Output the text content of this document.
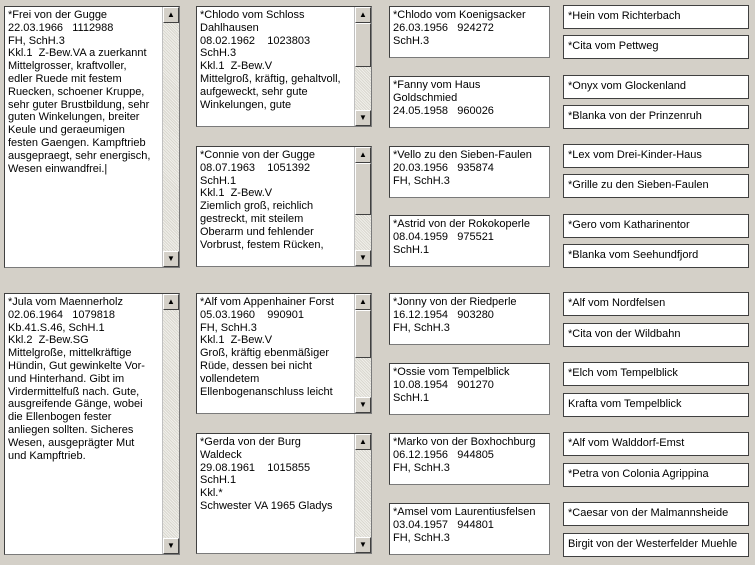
*Frei von der Gugge
22.03.1966   1112988
FH, SchH.3
Kkl.1  Z-Bew.VA a zuerkannt
Mittelgrosser, kraftvoller,
edler Ruede mit festem
Ruecken, schoener Kruppe,
sehr guter Brustbildung, sehr
guten Winkelungen, breiter
Keule und geraeumigen
festen Gaengen. Kampftrieb
ausgepraegt, sehr energisch,
Wesen einwandfrei.|
▲
▼
*Jula vom Maennerholz
02.06.1964   1079818
Kb.41.S.46, SchH.1
Kkl.2  Z-Bew.SG
Mittelgroße, mittelkräftige
Hündin, Gut gewinkelte Vor-
und Hinterhand. Gibt im
Virdermittelfuß nach. Gute,
ausgreifende Gänge, wobei
die Ellenbogen fester
anliegen sollten. Sicheres
Wesen, ausgeprägter Mut
und Kampftrieb.
▲
▼
*Chlodo vom Schloss
Dahlhausen
08.02.1962    1023803
SchH.3
Kkl.1  Z-Bew.V
Mittelgroß, kräftig, gehaltvoll,
aufgeweckt, sehr gute
Winkelungen, gute
▲
▼
*Connie von der Gugge
08.07.1963    1051392
SchH.1
Kkl.1  Z-Bew.V
Ziemlich groß, reichlich
gestreckt, mit steilem
Oberarm und fehlender
Vorbrust, festem Rücken,
▲
▼
*Alf vom Appenhainer Forst
05.03.1960    990901
FH, SchH.3
Kkl.1  Z-Bew.V
Groß, kräftig ebenmäßiger
Rüde, dessen bei nicht
vollendetem
Ellenbogenanschluss leicht
▲
▼
*Gerda von der Burg
Waldeck
29.08.1961    1015855
SchH.1
Kkl.*
Schwester VA 1965 Gladys
▲
▼
*Chlodo vom Koenigsacker
26.03.1956   924272
SchH.3
*Fanny vom Haus
Goldschmied
24.05.1958   960026
*Vello zu den Sieben-Faulen
20.03.1956   935874
FH, SchH.3
*Astrid von der Rokokoperle
08.04.1959   975521
SchH.1
*Jonny von der Riedperle
16.12.1954   903280
FH, SchH.3
*Ossie vom Tempelblick
10.08.1954   901270
SchH.1
*Marko von der Boxhochburg
06.12.1956   944805
FH, SchH.3
*Amsel vom Laurentiusfelsen
03.04.1957   944801
FH, SchH.3
*Hein vom Richterbach
*Cita vom Pettweg
*Onyx vom Glockenland
*Blanka von der Prinzenruh
*Lex vom Drei-Kinder-Haus
*Grille zu den Sieben-Faulen
*Gero vom Katharinentor
*Blanka vom Seehundfjord
*Alf vom Nordfelsen
*Cita von der Wildbahn
*Elch vom Tempelblick
Krafta vom Tempelblick
*Alf vom Walddorf-Emst
*Petra von Colonia Agrippina
*Caesar von der Malmannsheide
Birgit von der Westerfelder Muehle
